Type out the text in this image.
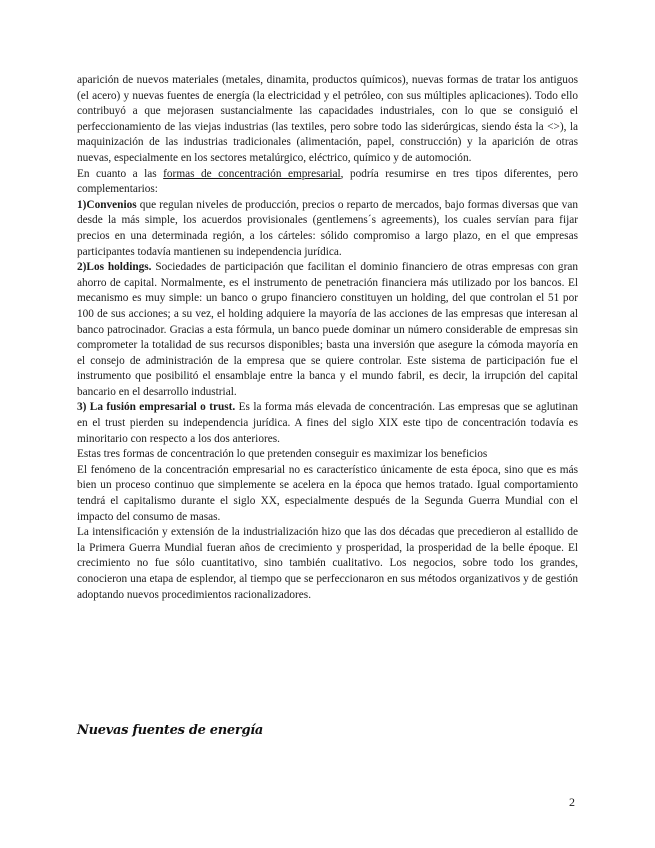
aparición de nuevos materiales (metales, dinamita, productos químicos), nuevas formas de tratar los antiguos (el acero) y nuevas fuentes de energía (la electricidad y el petróleo, con sus múltiples aplicaciones). Todo ello contribuyó a que mejorasen sustancialmente las capacidades industriales, con lo que se consiguió el perfeccionamiento de las viejas industrias (las textiles, pero sobre todo las siderúrgicas, siendo ésta la <>), la maquinización de las industrias tradicionales (alimentación, papel, construcción) y la aparición de otras nuevas, especialmente en los sectores metalúrgico, eléctrico, químico y de automoción.

En cuanto a las formas de concentración empresarial, podría resumirse en tres tipos diferentes, pero complementarios:

1)Convenios que regulan niveles de producción, precios o reparto de mercados, bajo formas diversas que van desde la más simple, los acuerdos provisionales (gentlemens´s agreements), los cuales servían para fijar precios en una determinada región, a los cárteles: sólido compromiso a largo plazo, en el que empresas participantes todavía mantienen su independencia jurídica.

2)Los holdings. Sociedades de participación que facilitan el dominio financiero de otras empresas con gran ahorro de capital. Normalmente, es el instrumento de penetración financiera más utilizado por los bancos. El mecanismo es muy simple: un banco o grupo financiero constituyen un holding, del que controlan el 51 por 100 de sus acciones; a su vez, el holding adquiere la mayoría de las acciones de las empresas que interesan al banco patrocinador. Gracias a esta fórmula, un banco puede dominar un número considerable de empresas sin comprometer la totalidad de sus recursos disponibles; basta una inversión que asegure la cómoda mayoría en el consejo de administración de la empresa que se quiere controlar. Este sistema de participación fue el instrumento que posibilitó el ensamblaje entre la banca y el mundo fabril, es decir, la irrupción del capital bancario en el desarrollo industrial.

3) La fusión empresarial o trust. Es la forma más elevada de concentración. Las empresas que se aglutinan en el trust pierden su independencia jurídica. A fines del siglo XIX este tipo de concentración todavía es minoritario con respecto a los dos anteriores.

Estas tres formas de concentración lo que pretenden conseguir es maximizar los beneficios

El fenómeno de la concentración empresarial no es característico únicamente de esta época, sino que es más bien un proceso continuo que simplemente se acelera en la época que hemos tratado. Igual comportamiento tendrá el capitalismo durante el siglo XX, especialmente después de la Segunda Guerra Mundial con el impacto del consumo de masas.

La intensificación y extensión de la industrialización hizo que las dos décadas que precedieron al estallido de la Primera Guerra Mundial fueran años de crecimiento y prosperidad, la prosperidad de la belle époque. El crecimiento no fue sólo cuantitativo, sino también cualitativo. Los negocios, sobre todo los grandes, conocieron una etapa de esplendor, al tiempo que se perfeccionaron en sus métodos organizativos y de gestión adoptando nuevos procedimientos racionalizadores.

Nuevas fuentes de energía
2
